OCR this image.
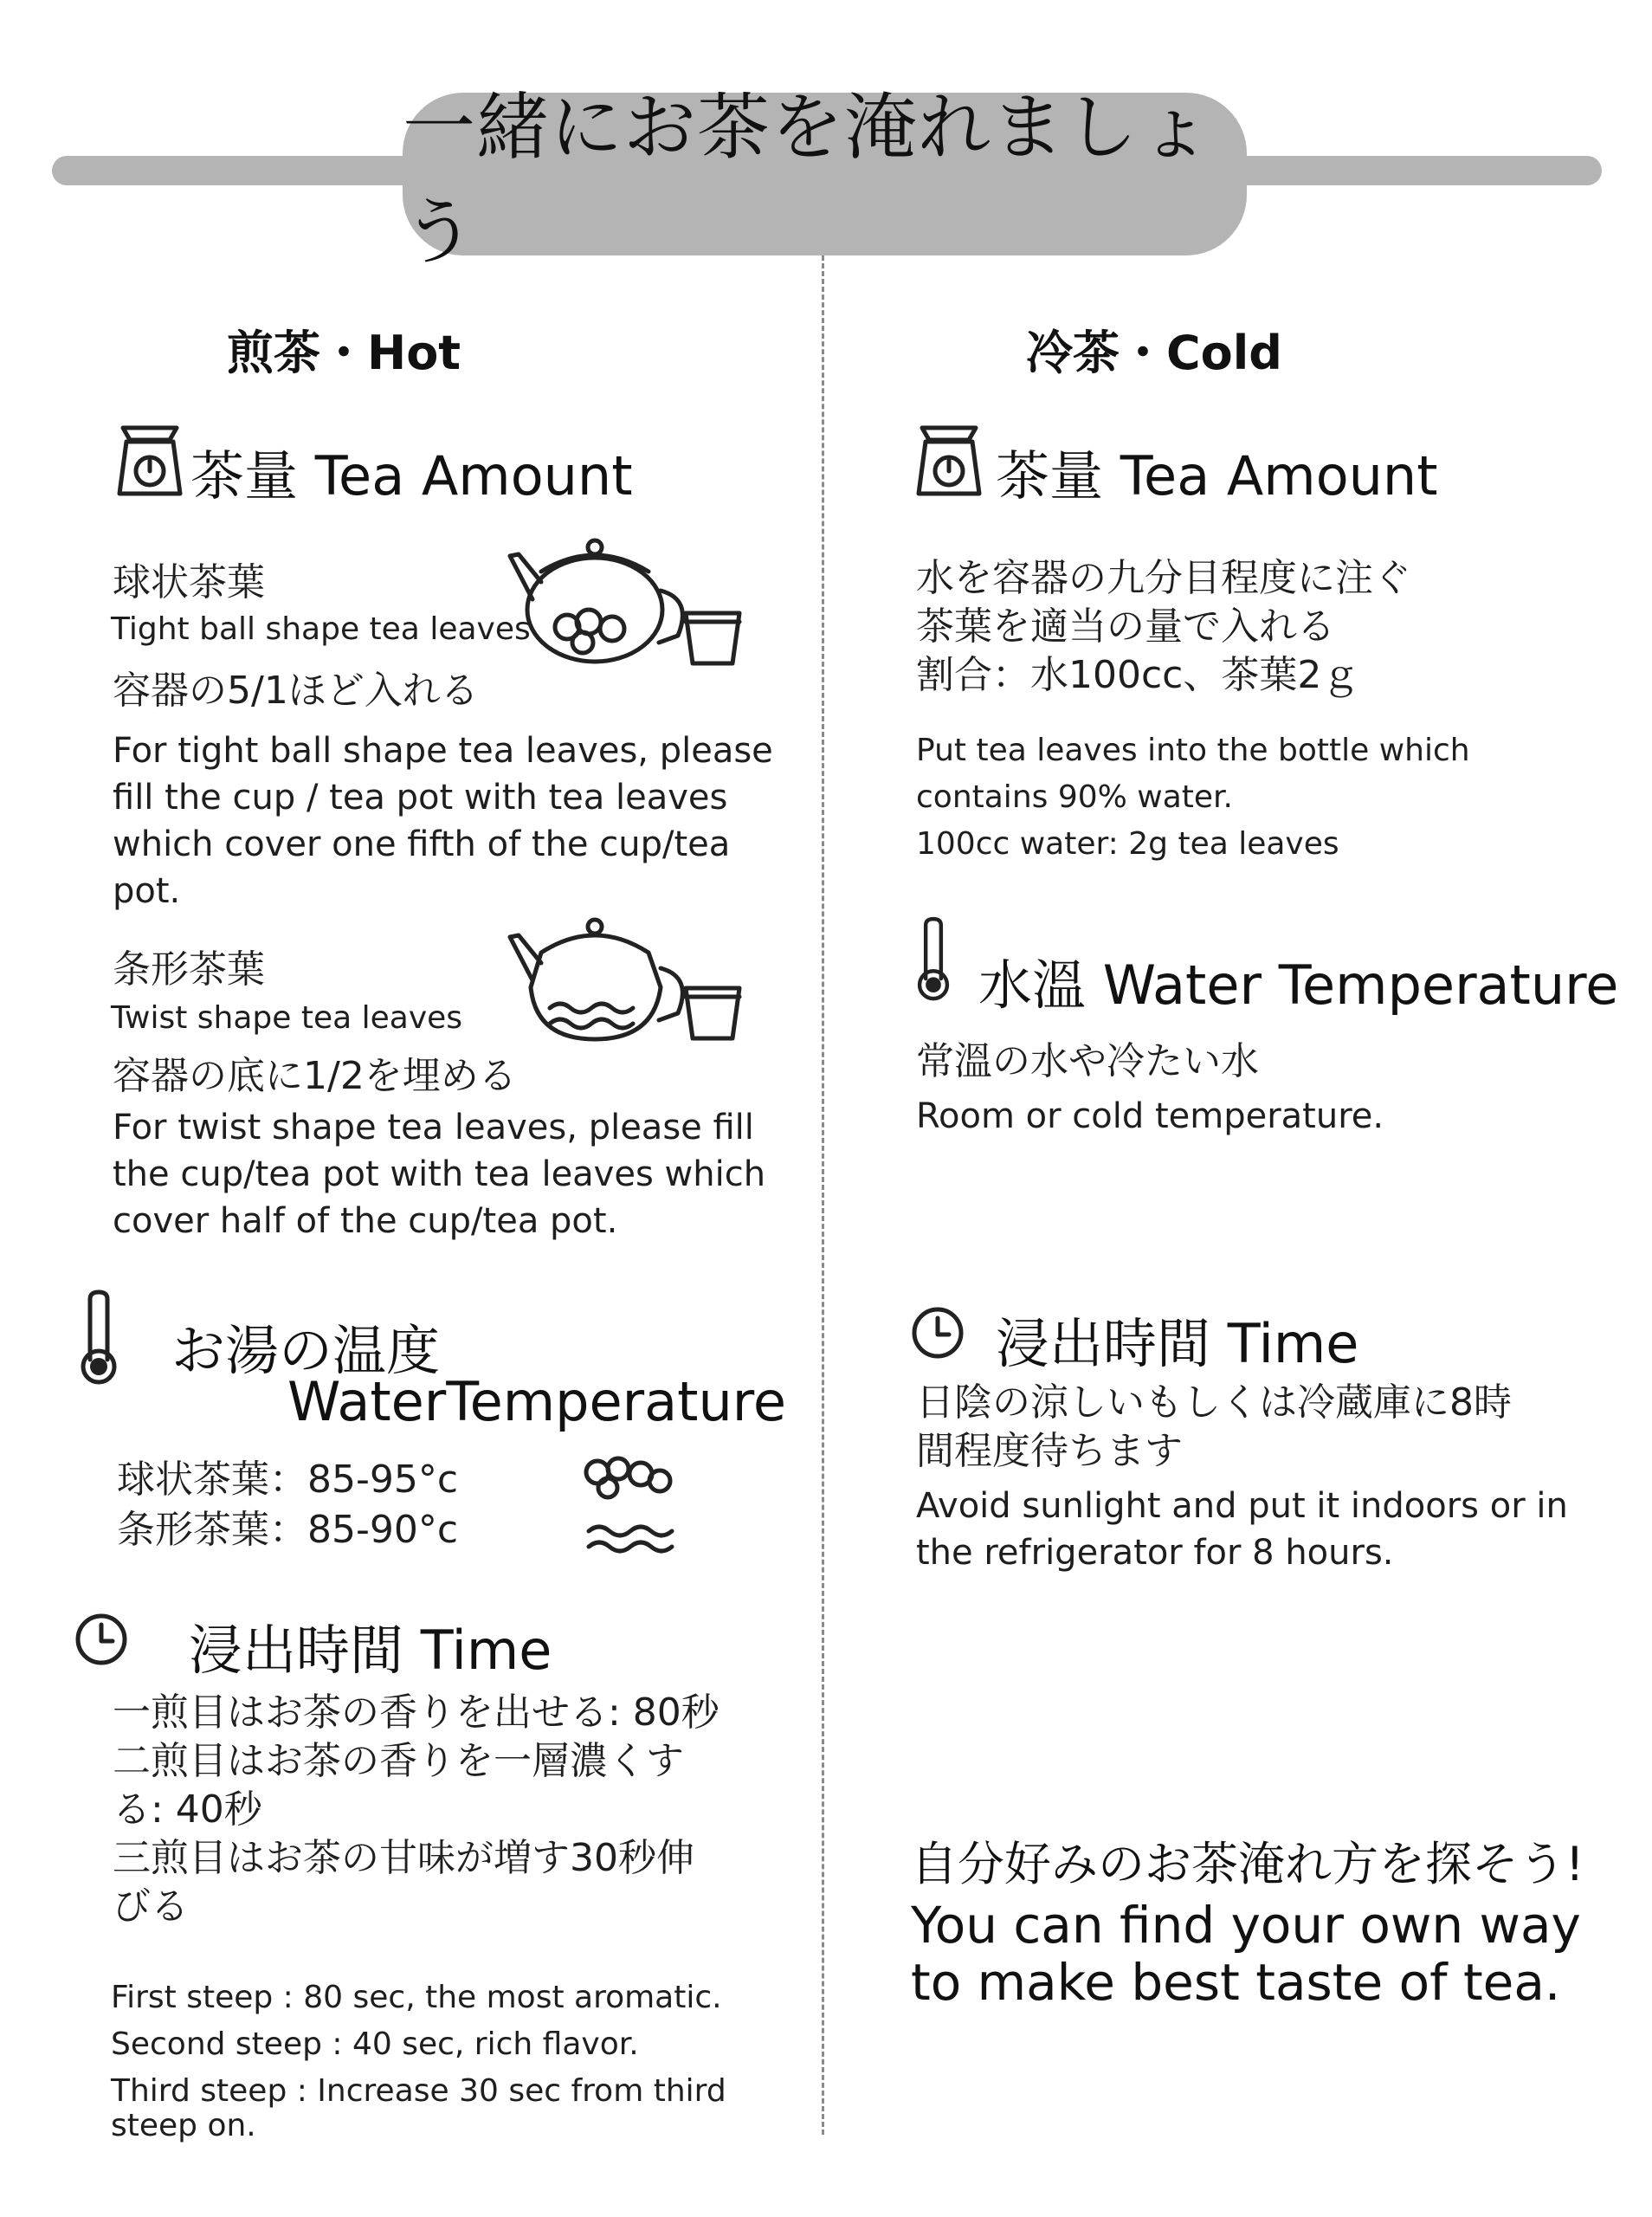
一緒にお茶を淹れましょう
煎茶・Hot
茶量 Tea Amount
球状茶葉
Tight ball shape tea leaves
容器の5/1ほど入れる
For tight ball shape tea leaves, please
fill the cup / tea pot with tea leaves
which cover one fifth of the cup/tea
pot.
条形茶葉
Twist shape tea leaves
容器の底に1/2を埋める
For twist shape tea leaves, please fill
the cup/tea pot with tea leaves which
cover half of the cup/tea pot.
お湯の温度
WaterTemperature
球状茶葉：85-95°c
条形茶葉：85-90°c
浸出時間 Time
一煎目はお茶の香りを出せる: 80秒
二煎目はお茶の香りを一層濃くす
る: 40秒
三煎目はお茶の甘味が増す30秒伸
びる
First steep : 80 sec, the most aromatic.
Second steep : 40 sec, rich flavor.
Third steep : Increase 30 sec from third
steep on.
冷茶・Cold
茶量 Tea Amount
水を容器の九分目程度に注ぐ
茶葉を適当の量で入れる
割合：水100cc、茶葉2ｇ
Put tea leaves into the bottle which
contains 90% water.
100cc water: 2g tea leaves
水溫 Water Temperature
常溫の水や冷たい水
Room or cold temperature.
浸出時間 Time
日陰の涼しいもしくは冷蔵庫に8時
間程度待ちます
Avoid sunlight and put it indoors or in
the refrigerator for 8 hours.
自分好みのお茶淹れ方を探そう!
You can find your own way
to make best taste of tea.
